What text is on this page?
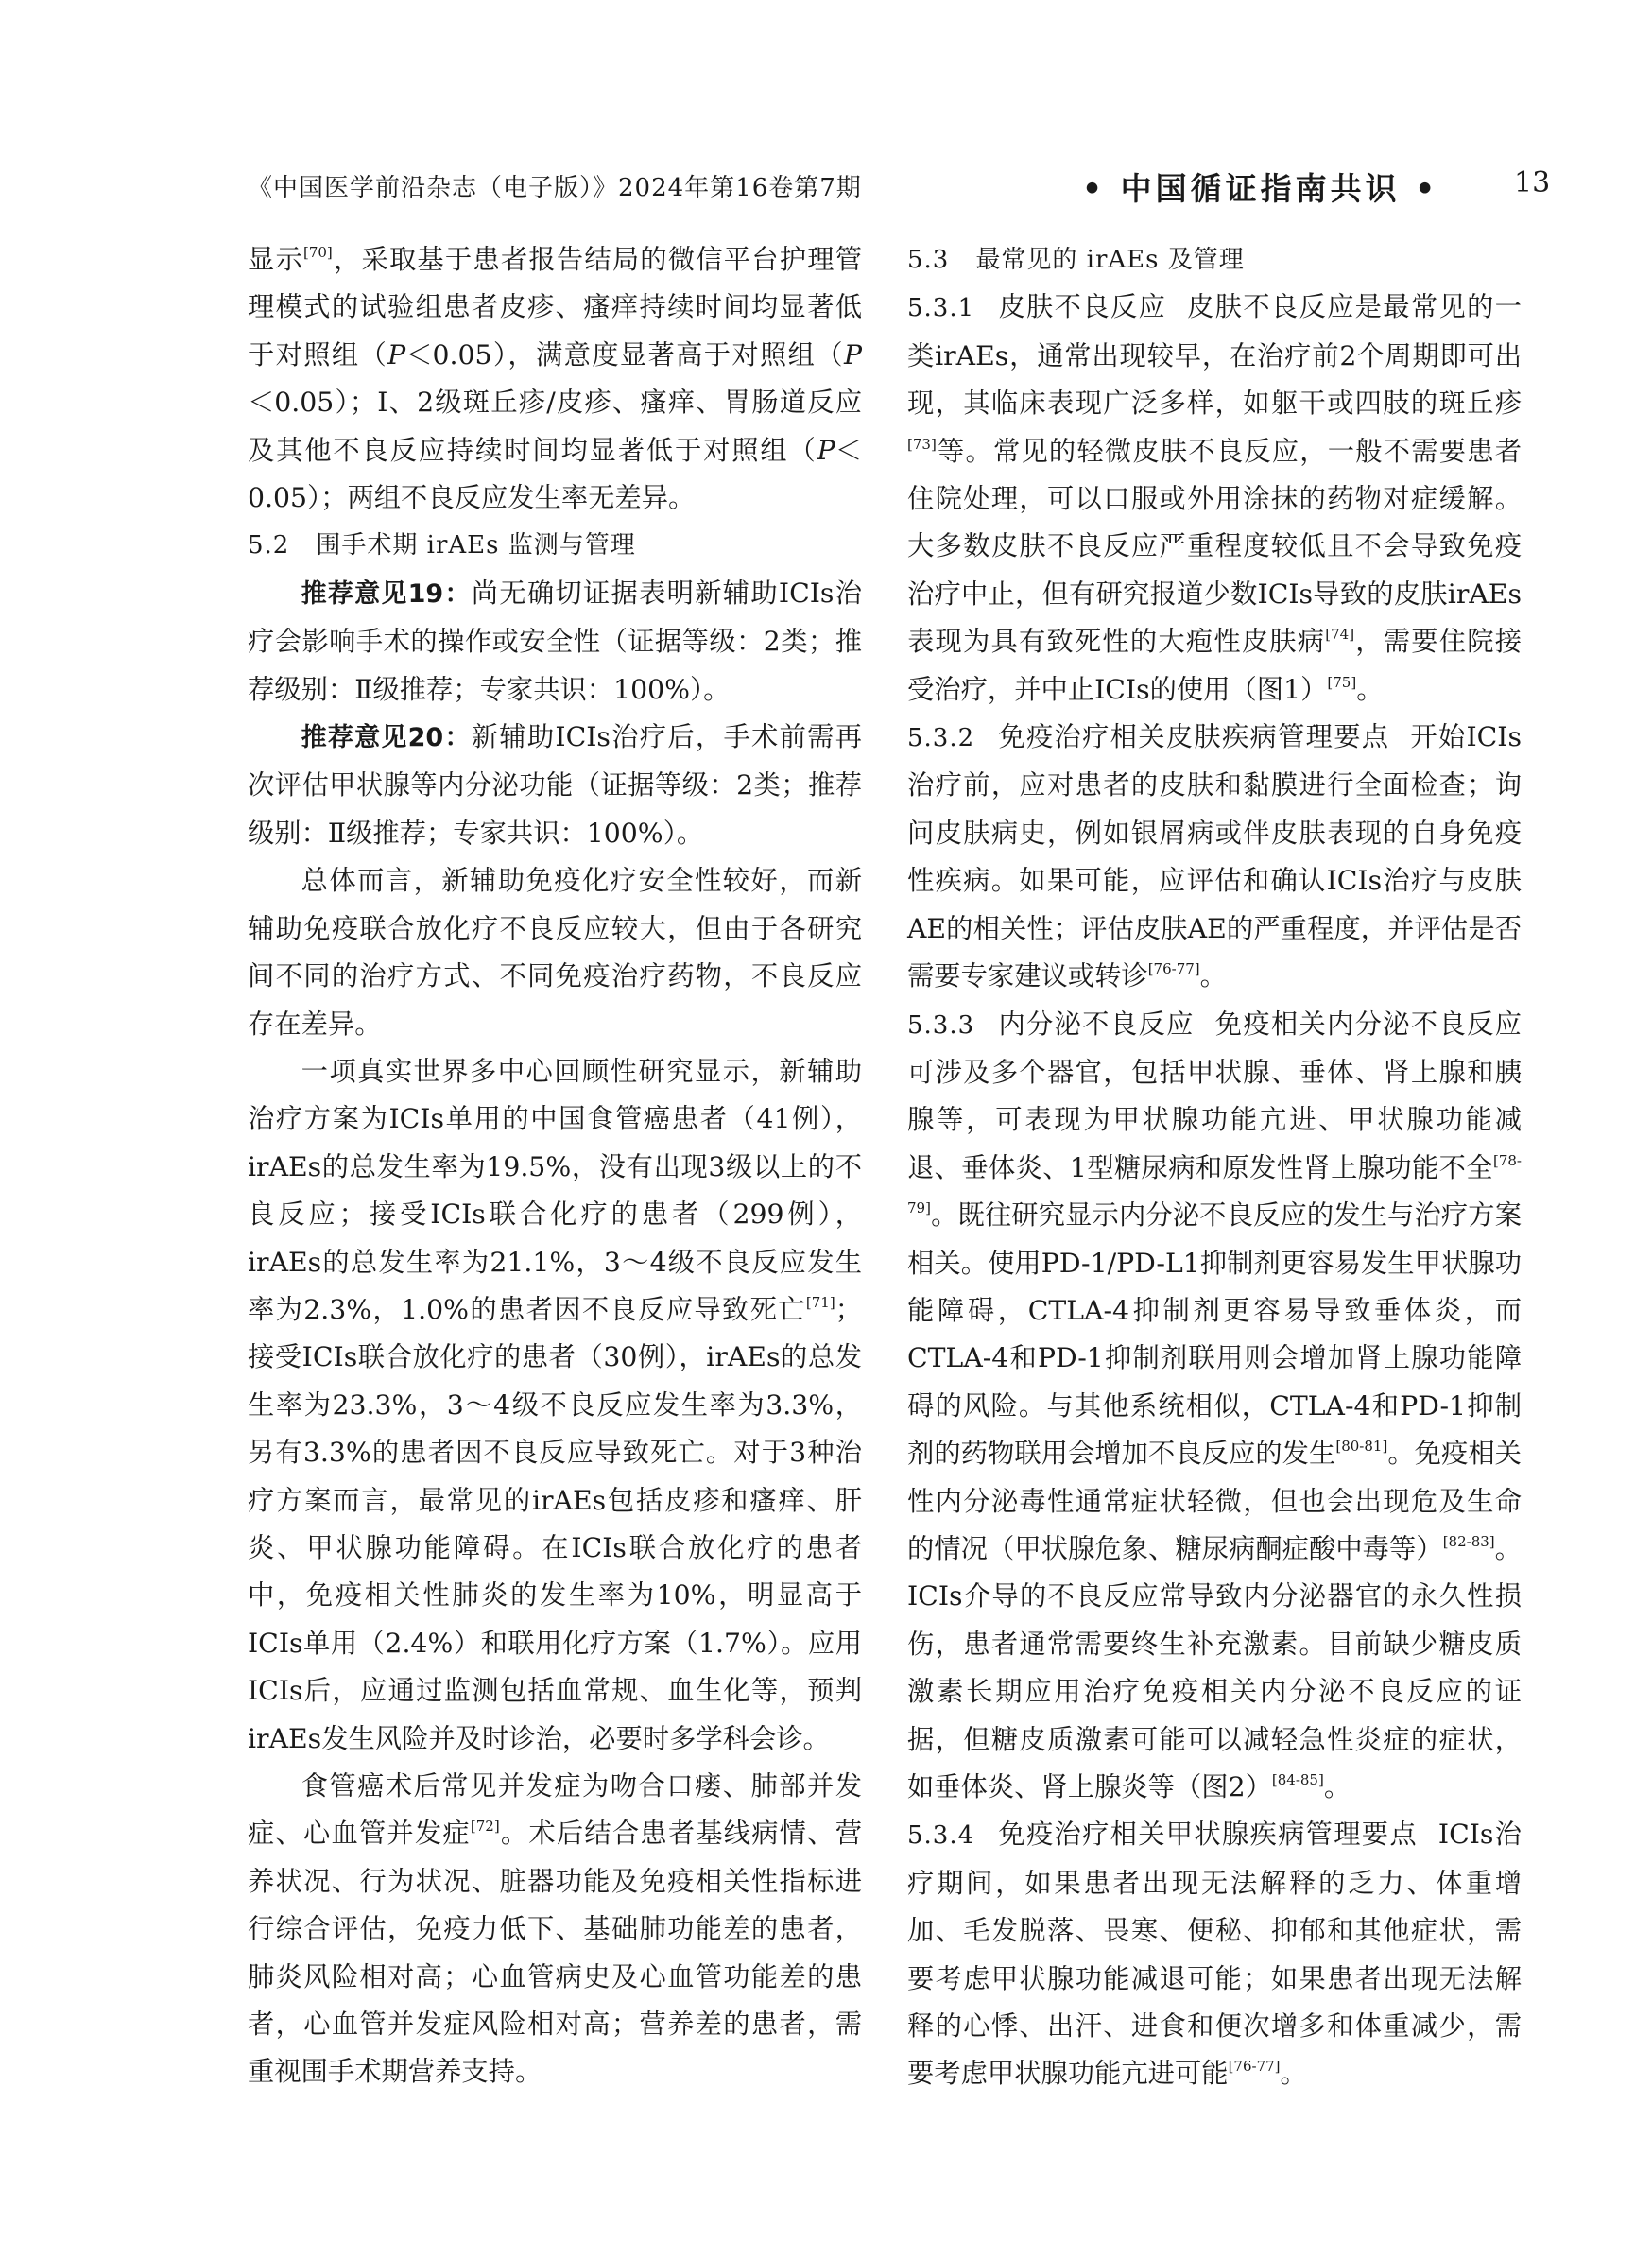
《中国医学前沿杂志（电子版）》2024年第16卷第7期	• 中国循证指南共识 •	13

显示[70]，采取基于患者报告结局的微信平台护理管理模式的试验组患者皮疹、瘙痒持续时间均显著低于对照组（P＜0.05），满意度显著高于对照组（P＜0.05）；Ⅰ、2级斑丘疹/皮疹、瘙痒、胃肠道反应及其他不良反应持续时间均显著低于对照组（P＜0.05）；两组不良反应发生率无差异。

5.2 围手术期 irAEs 监测与管理

推荐意见19：尚无确切证据表明新辅助ICIs治疗会影响手术的操作或安全性（证据等级：2类；推荐级别：Ⅱ级推荐；专家共识：100%）。

推荐意见20：新辅助ICIs治疗后，手术前需再次评估甲状腺等内分泌功能（证据等级：2类；推荐级别：Ⅱ级推荐；专家共识：100%）。

总体而言，新辅助免疫化疗安全性较好，而新辅助免疫联合放化疗不良反应较大，但由于各研究间不同的治疗方式、不同免疫治疗药物，不良反应存在差异。

一项真实世界多中心回顾性研究显示，新辅助治疗方案为ICIs单用的中国食管癌患者（41例），irAEs的总发生率为19.5%，没有出现3级以上的不良反应；接受ICIs联合化疗的患者（299例），irAEs的总发生率为21.1%，3～4级不良反应发生率为2.3%，1.0%的患者因不良反应导致死亡[71]；接受ICIs联合放化疗的患者（30例），irAEs的总发生率为23.3%，3～4级不良反应发生率为3.3%，另有3.3%的患者因不良反应导致死亡。对于3种治疗方案而言，最常见的irAEs包括皮疹和瘙痒、肝炎、甲状腺功能障碍。在ICIs联合放化疗的患者中，免疫相关性肺炎的发生率为10%，明显高于ICIs单用（2.4%）和联用化疗方案（1.7%）。应用ICIs后，应通过监测包括血常规、血生化等，预判irAEs发生风险并及时诊治，必要时多学科会诊。

食管癌术后常见并发症为吻合口瘘、肺部并发症、心血管并发症[72]。术后结合患者基线病情、营养状况、行为状况、脏器功能及免疫相关性指标进行综合评估，免疫力低下、基础肺功能差的患者，肺炎风险相对高；心血管病史及心血管功能差的患者，心血管并发症风险相对高；营养差的患者，需重视围手术期营养支持。

5.3 最常见的 irAEs 及管理

5.3.1 皮肤不良反应 皮肤不良反应是最常见的一类irAEs，通常出现较早，在治疗前2个周期即可出现，其临床表现广泛多样，如躯干或四肢的斑丘疹[73]等。常见的轻微皮肤不良反应，一般不需要患者住院处理，可以口服或外用涂抹的药物对症缓解。大多数皮肤不良反应严重程度较低且不会导致免疫治疗中止，但有研究报道少数ICIs导致的皮肤irAEs表现为具有致死性的大疱性皮肤病[74]，需要住院接受治疗，并中止ICIs的使用（图1）[75]。

5.3.2 免疫治疗相关皮肤疾病管理要点 开始ICIs治疗前，应对患者的皮肤和黏膜进行全面检查；询问皮肤病史，例如银屑病或伴皮肤表现的自身免疫性疾病。如果可能，应评估和确认ICIs治疗与皮肤AE的相关性；评估皮肤AE的严重程度，并评估是否需要专家建议或转诊[76-77]。

5.3.3 内分泌不良反应 免疫相关内分泌不良反应可涉及多个器官，包括甲状腺、垂体、肾上腺和胰腺等，可表现为甲状腺功能亢进、甲状腺功能减退、垂体炎、1型糖尿病和原发性肾上腺功能不全[78-79]。既往研究显示内分泌不良反应的发生与治疗方案相关。使用PD-1/PD-L1抑制剂更容易发生甲状腺功能障碍，CTLA-4抑制剂更容易导致垂体炎，而CTLA-4和PD-1抑制剂联用则会增加肾上腺功能障碍的风险。与其他系统相似，CTLA-4和PD-1抑制剂的药物联用会增加不良反应的发生[80-81]。免疫相关性内分泌毒性通常症状轻微，但也会出现危及生命的情况（甲状腺危象、糖尿病酮症酸中毒等）[82-83]。ICIs介导的不良反应常导致内分泌器官的永久性损伤，患者通常需要终生补充激素。目前缺少糖皮质激素长期应用治疗免疫相关内分泌不良反应的证据，但糖皮质激素可能可以减轻急性炎症的症状，如垂体炎、肾上腺炎等（图2）[84-85]。

5.3.4 免疫治疗相关甲状腺疾病管理要点 ICIs治疗期间，如果患者出现无法解释的乏力、体重增加、毛发脱落、畏寒、便秘、抑郁和其他症状，需要考虑甲状腺功能减退可能；如果患者出现无法解释的心悸、出汗、进食和便次增多和体重减少，需要考虑甲状腺功能亢进可能[76-77]。
